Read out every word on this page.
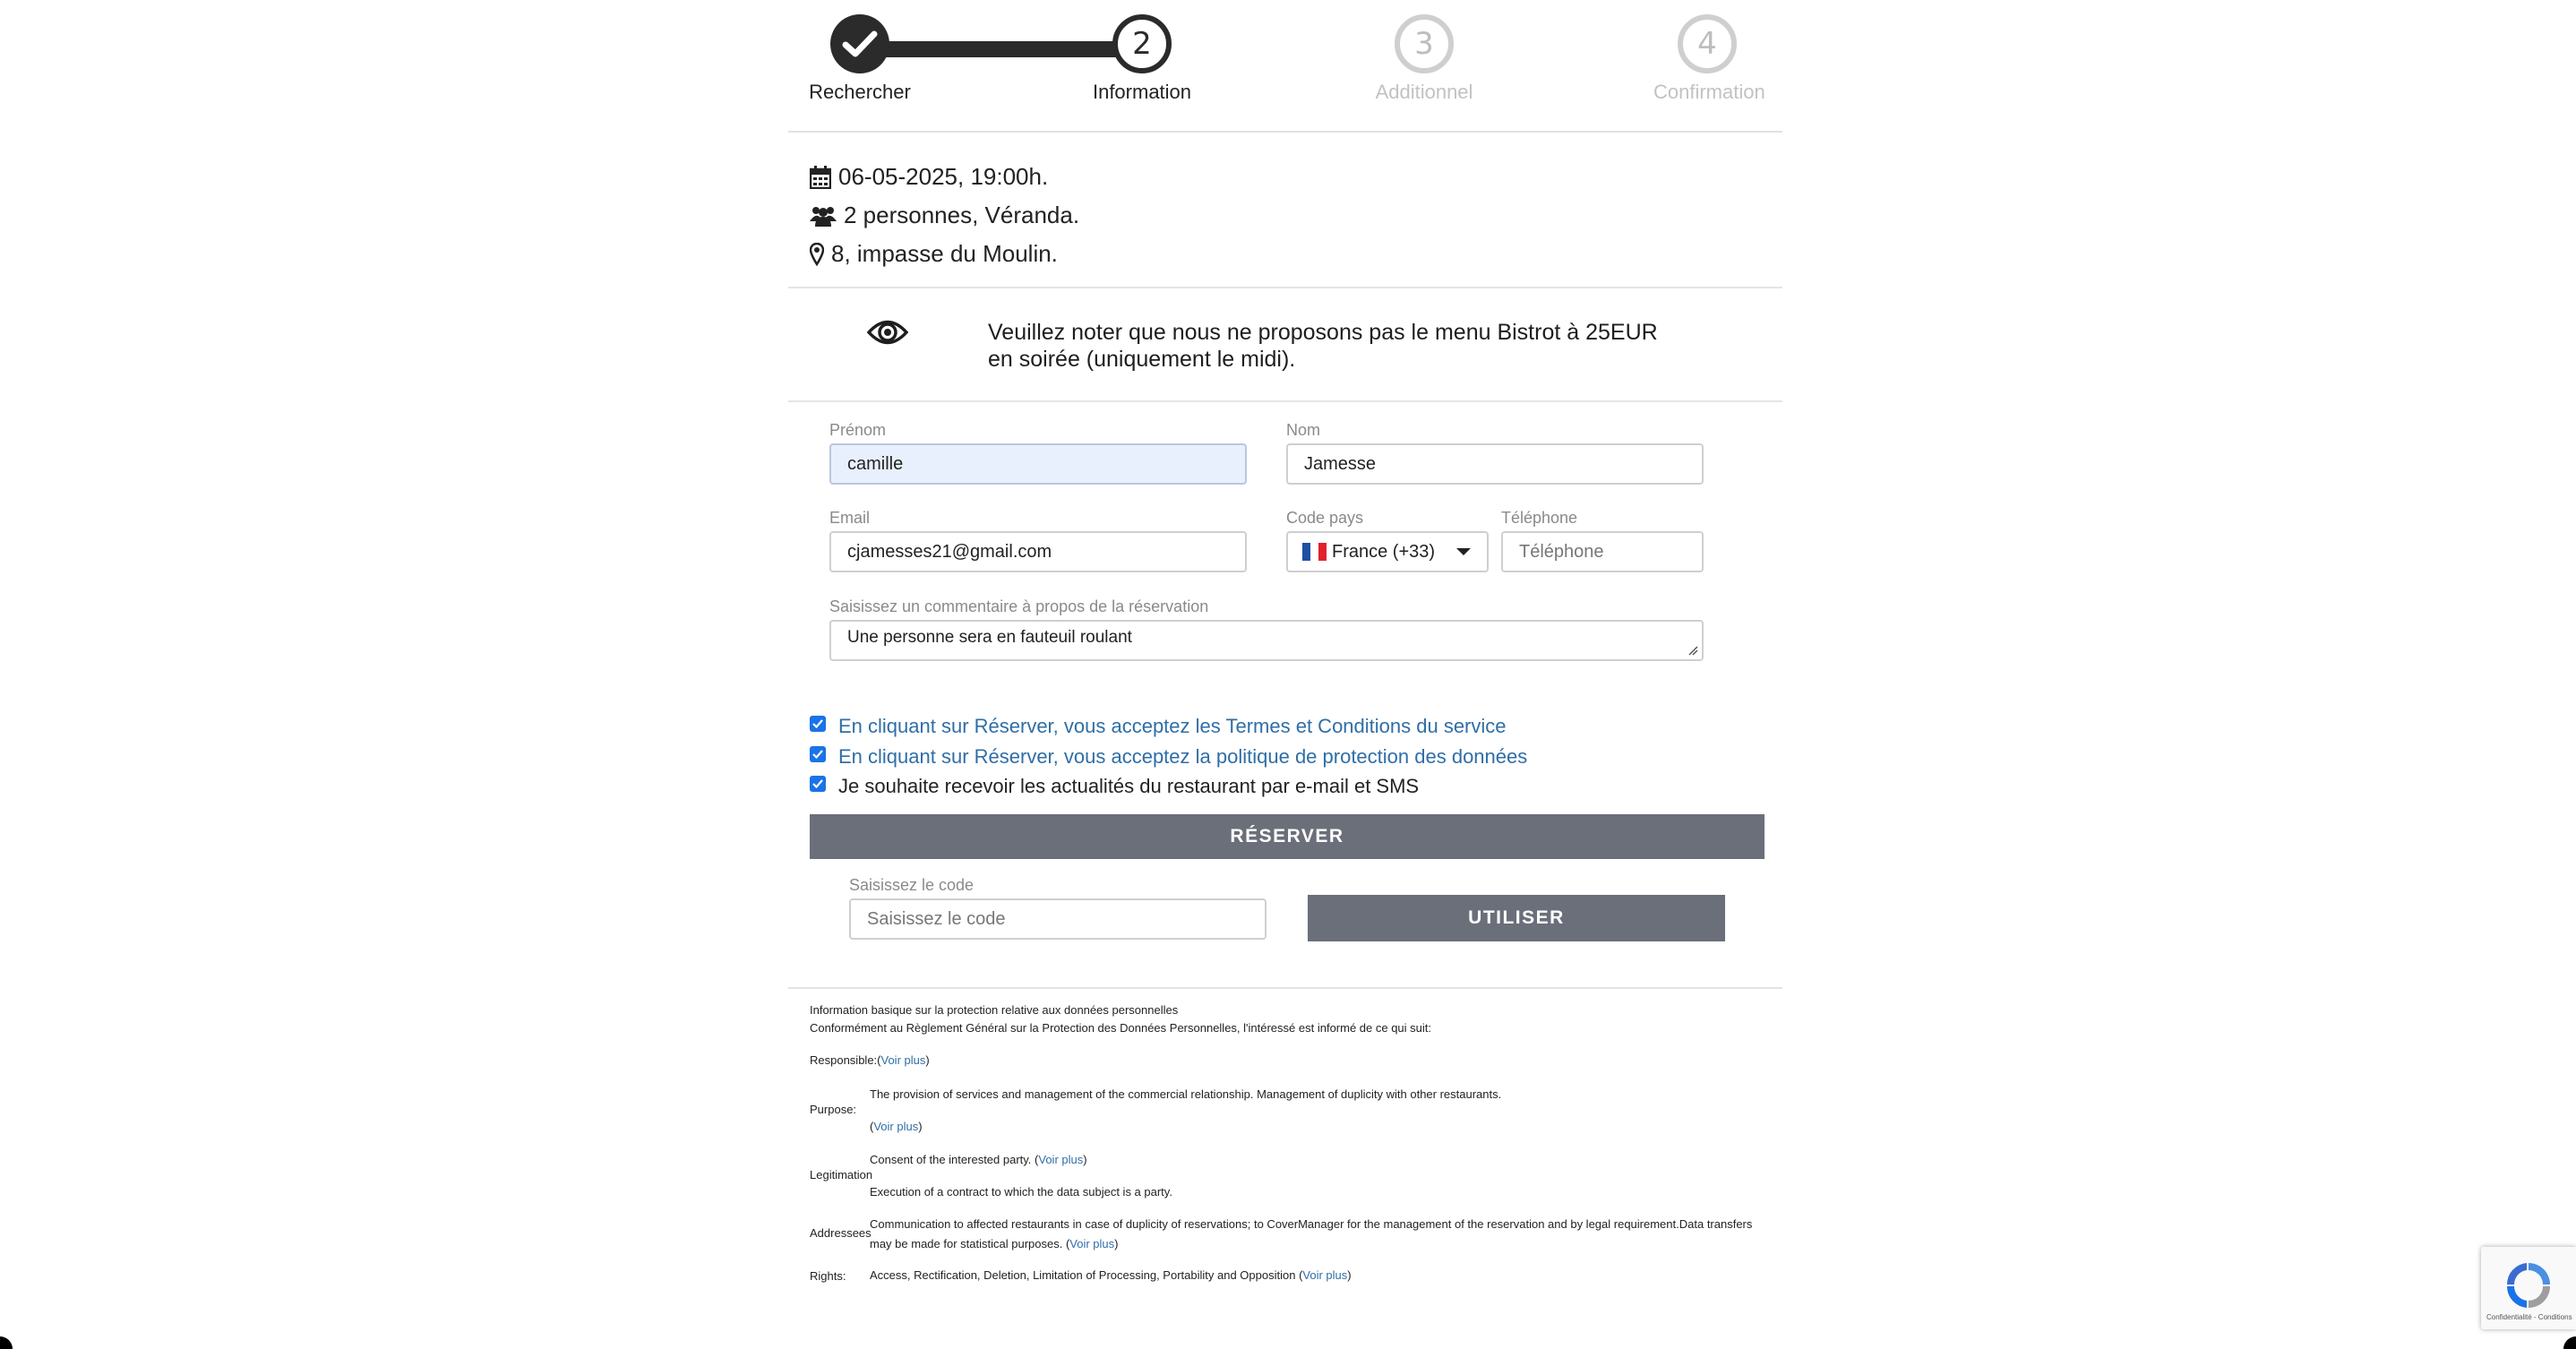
Rechercher
2
Information
3
Additionnel
4
Confirmation
06-05-2025, 19:00h.
2 personnes, Véranda.
8, impasse du Moulin.
Veuillez noter que nous ne proposons pas le menu Bistrot à 25EUR en soirée (uniquement le midi).
Prénom
camille	Nom
Jamesse
Email
cjamesses21@gmail.com	Code pays
France (+33)
Téléphone
Téléphone
Saisissez un commentaire à propos de la réservation
Une personne sera en fauteuil roulant
En cliquant sur Réserver, vous acceptez les Termes et Conditions du service
En cliquant sur Réserver, vous acceptez la politique de protection des données
Je souhaite recevoir les actualités du restaurant par e-mail et SMS
RÉSERVER
Saisissez le code
Saisissez le code
UTILISER
Information basique sur la protection relative aux données personnelles
Conformément au Règlement Général sur la Protection des Données Personnelles, l'intéressé est informé de ce qui suit:
Responsible:(Voir plus)
Purpose:
The provision of services and management of the commercial relationship. Management of duplicity with other restaurants.
(Voir plus)
Legitimation
Consent of the interested party. (Voir plus)
Execution of a contract to which the data subject is a party.
Addressees
Communication to affected restaurants in case of duplicity of reservations; to CoverManager for the management of the reservation and by legal requirement.Data transfers may be made for statistical purposes. (Voir plus)
Rights: Access, Rectification, Deletion, Limitation of Processing, Portability and Opposition (Voir plus)
Confidentialité - Conditions
